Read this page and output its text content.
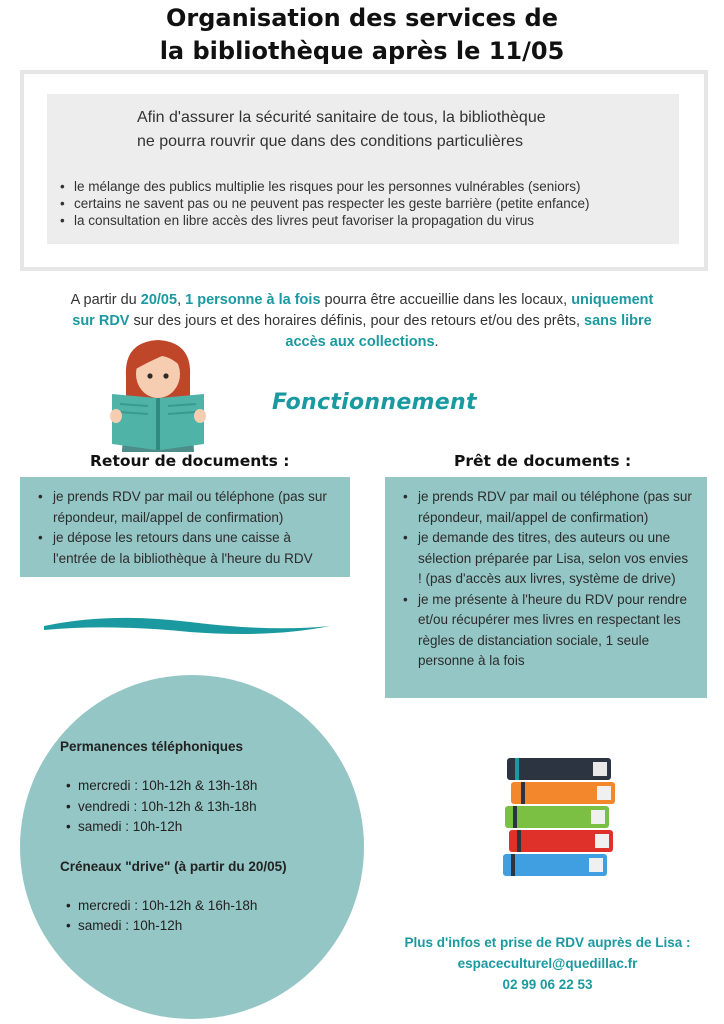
Organisation des services de
la bibliothèque après le 11/05
Afin d'assurer la sécurité sanitaire de tous, la bibliothèque
ne pourra rouvrir que dans des conditions particulières
• le mélange des publics multiplie les risques pour les personnes vulnérables (seniors)
• certains ne savent pas ou ne peuvent pas respecter les geste barrière (petite enfance)
• la consultation en libre accès des livres peut favoriser la propagation du virus

A partir du 20/05, 1 personne à la fois pourra être accueillie dans les locaux, uniquement sur RDV sur des jours et des horaires définis, pour des retours et/ou des prêts, sans libre accès aux collections.

Fonctionnement
Retour de documents :
• je prends RDV par mail ou téléphone (pas sur répondeur, mail/appel de confirmation)
• je dépose les retours dans une caisse à l'entrée de la bibliothèque à l'heure du RDV
Prêt de documents :
• je prends RDV par mail ou téléphone (pas sur répondeur, mail/appel de confirmation)
• je demande des titres, des auteurs ou une sélection préparée par Lisa, selon vos envies ! (pas d'accès aux livres, système de drive)
• je me présente à l'heure du RDV pour rendre et/ou récupérer mes livres en respectant les règles de distanciation sociale, 1 seule personne à la fois
Permanences téléphoniques
• mercredi : 10h-12h & 13h-18h
• vendredi : 10h-12h & 13h-18h
• samedi : 10h-12h
Créneaux "drive" (à partir du 20/05)
• mercredi : 10h-12h & 16h-18h
• samedi : 10h-12h
Plus d'infos et prise de RDV auprès de Lisa :
espaceculturel@quedillac.fr
02 99 06 22 53
